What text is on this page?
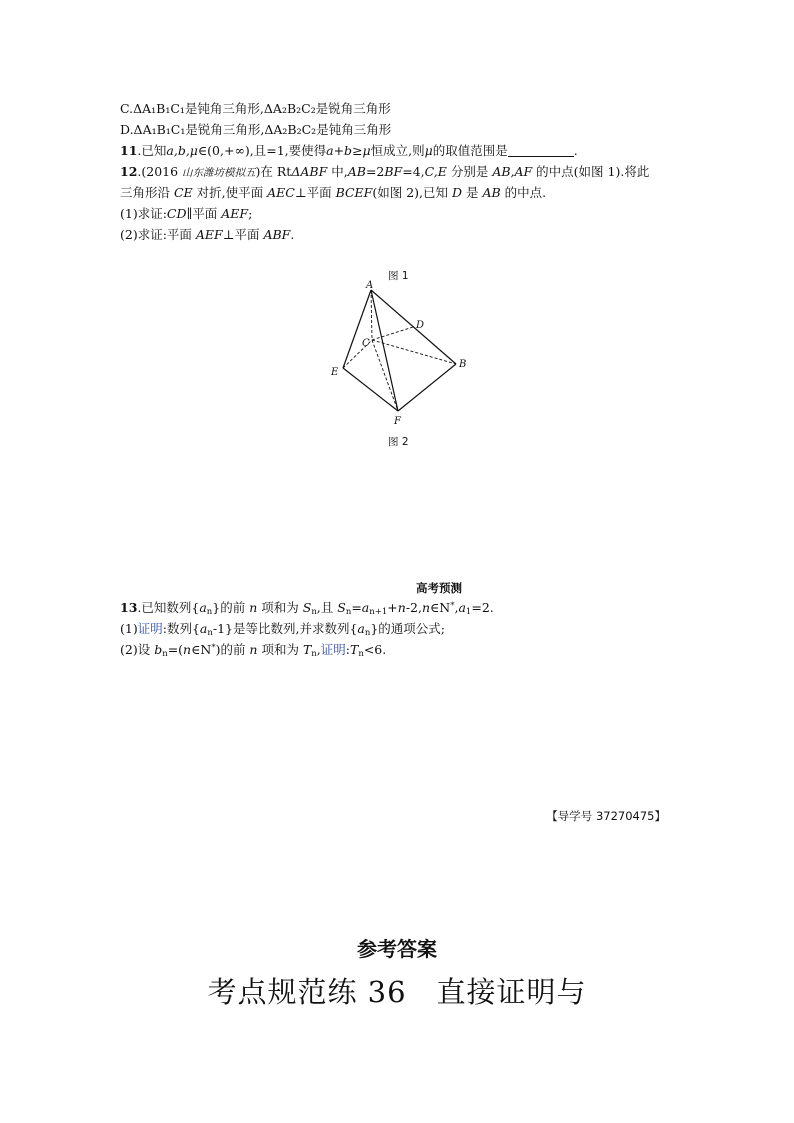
C.ΔA₁B₁C₁是钝角三角形,ΔA₂B₂C₂是锐角三角形
D.ΔA₁B₁C₁是锐角三角形,ΔA₂B₂C₂是钝角三角形
11.已知a,b,μ∈(0,+∞),且=1,要使得a+b≥μ恒成立,则μ的取值范围是	.
12.(2016 山东潍坊模拟五)在 RtΔABF 中,AB=2BF=4,C,E 分别是 AB,AF 的中点(如图 1).将此
三角形沿 CE 对折,使平面 AEC⊥平面 BCEF(如图 2),已知 D 是 AB 的中点.
(1)求证:CD∥平面 AEF;
(2)求证:平面 AEF⊥平面 ABF.
图 1
A
B
C
D
E
F
图 2
高考预测
13.已知数列$\{a_n\}$的前 n 项和为 $S_n$,且 $S_n=a_{n+1}+n-2,n\in N^*,a_1=2$.
(1)证明:数列$\{a_n-1\}$是等比数列,并求数列$\{a_n\}$的通项公式;
(2)设 $b_n=(n\in N^*)$的前 n 项和为 $T_n$,证明$:T_n<6$.
【导学号 37270475】
参考答案
考点规范练 36　直接证明与
